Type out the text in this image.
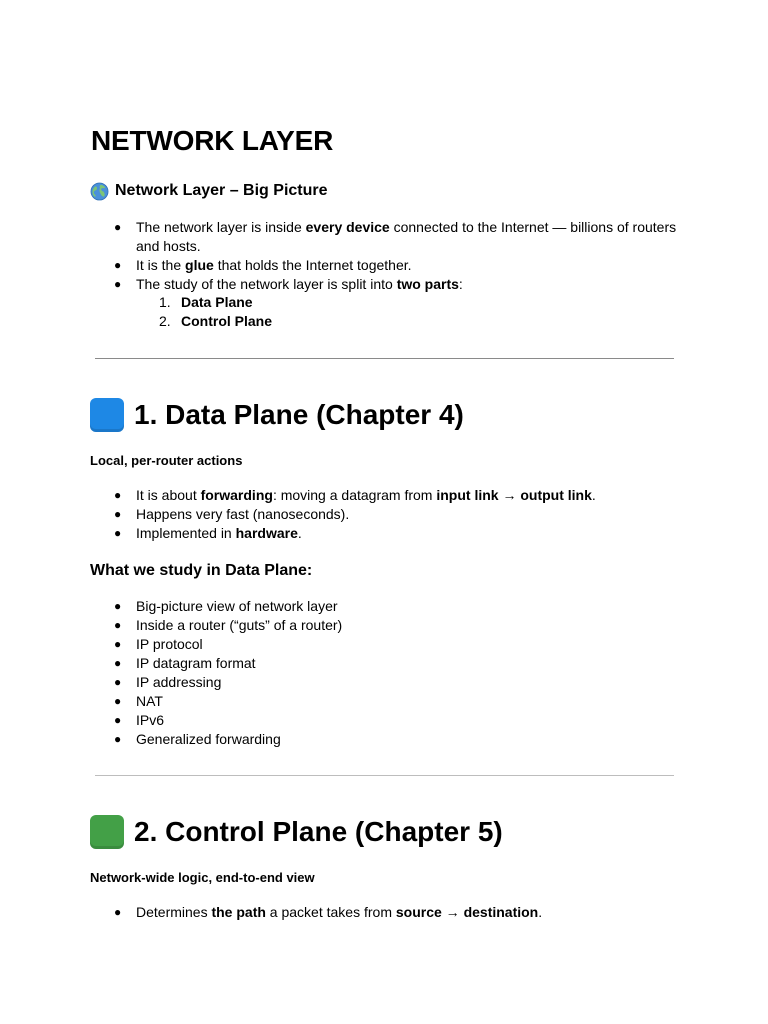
NETWORK LAYER
Network Layer – Big Picture
● The network layer is inside every device connected to the Internet — billions of routers
and hosts.
● It is the glue that holds the Internet together.
● The study of the network layer is split into two parts:
1. Data Plane
2. Control Plane
1. Data Plane (Chapter 4)
Local, per-router actions
● It is about forwarding: moving a datagram from input link → output link.
● Happens very fast (nanoseconds).
● Implemented in hardware.
What we study in Data Plane:
● Big-picture view of network layer
● Inside a router (“guts” of a router)
● IP protocol
● IP datagram format
● IP addressing
● NAT
● IPv6
● Generalized forwarding
2. Control Plane (Chapter 5)
Network-wide logic, end-to-end view
● Determines the path a packet takes from source → destination.
